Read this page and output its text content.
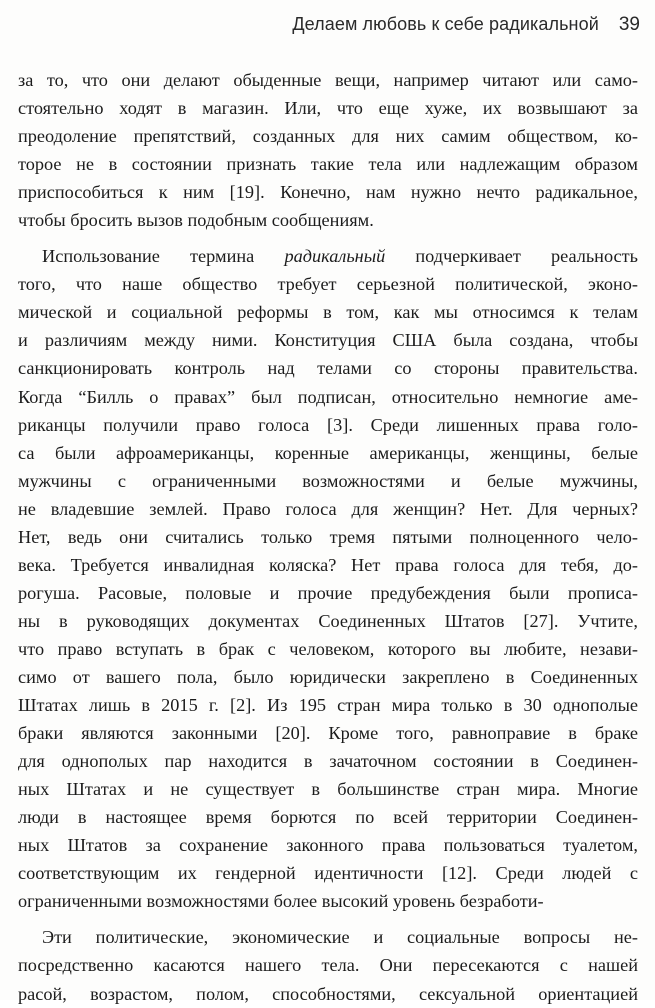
Делаем любовь к себе радикальной 39
за то, что они делают обыденные вещи, например читают или само-
стоятельно ходят в магазин. Или, что еще хуже, их возвышают за
преодоление препятствий, созданных для них самим обществом, ко-
торое не в состоянии признать такие тела или надлежащим образом
приспособиться к ним [19]. Конечно, нам нужно нечто радикальное,
чтобы бросить вызов подобным сообщениям.
Использование термина радикальный подчеркивает реальность
того, что наше общество требует серьезной политической, эконо-
мической и социальной реформы в том, как мы относимся к телам
и различиям между ними. Конституция США была создана, чтобы
санкционировать контроль над телами со стороны правительства.
Когда “Билль о правах” был подписан, относительно немногие аме-
риканцы получили право голоса [3]. Среди лишенных права голо-
са были афроамериканцы, коренные американцы, женщины, белые
мужчины с ограниченными возможностями и белые мужчины,
не владевшие землей. Право голоса для женщин? Нет. Для черных?
Нет, ведь они считались только тремя пятыми полноценного чело-
века. Требуется инвалидная коляска? Нет права голоса для тебя, до-
рогуша. Расовые, половые и прочие предубеждения были прописа-
ны в руководящих документах Соединенных Штатов [27]. Учтите,
что право вступать в брак с человеком, которого вы любите, незави-
симо от вашего пола, было юридически закреплено в Соединенных
Штатах лишь в 2015 г. [2]. Из 195 стран мира только в 30 однополые
браки являются законными [20]. Кроме того, равноправие в браке
для однополых пар находится в зачаточном состоянии в Соединен-
ных Штатах и не существует в большинстве стран мира. Многие
люди в настоящее время борются по всей территории Соединен-
ных Штатов за сохранение законного права пользоваться туалетом,
соответствующим их гендерной идентичности [12]. Среди людей с
ограниченными возможностями более высокий уровень безработи-
Эти политические, экономические и социальные вопросы не-
посредственно касаются нашего тела. Они пересекаются с нашей
расой, возрастом, полом, способностями, сексуальной ориентацией
